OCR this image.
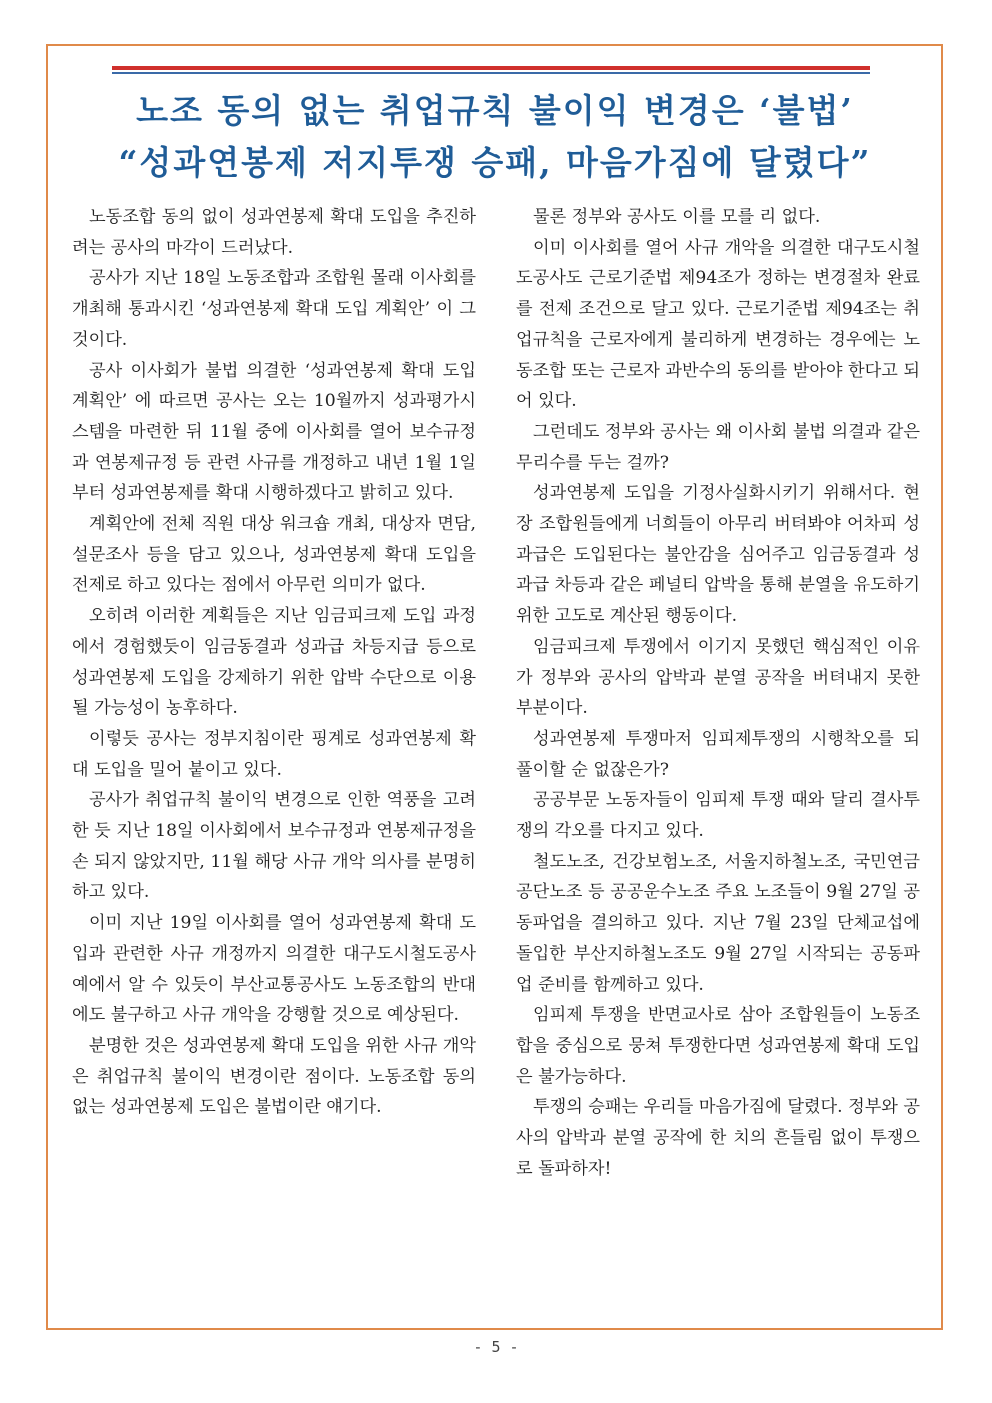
노조 동의 없는 취업규칙 불이익 변경은 ‘불법’
“성과연봉제 저지투쟁 승패, 마음가짐에 달렸다”

노동조합 동의 없이 성과연봉제 확대 도입을 추진하려는 공사의 마각이 드러났다.

공사가 지난 18일 노동조합과 조합원 몰래 이사회를 개최해 통과시킨 ‘성과연봉제 확대 도입 계획안’ 이 그것이다.

공사 이사회가 불법 의결한 ‘성과연봉제 확대 도입 계획안’ 에 따르면 공사는 오는 10월까지 성과평가시스템을 마련한 뒤 11월 중에 이사회를 열어 보수규정과 연봉제규정 등 관련 사규를 개정하고 내년 1월 1일부터 성과연봉제를 확대 시행하겠다고 밝히고 있다.

계획안에 전체 직원 대상 워크숍 개최, 대상자 면담, 설문조사 등을 담고 있으나, 성과연봉제 확대 도입을 전제로 하고 있다는 점에서 아무런 의미가 없다.

오히려 이러한 계획들은 지난 임금피크제 도입 과정에서 경험했듯이 임금동결과 성과급 차등지급 등으로 성과연봉제 도입을 강제하기 위한 압박 수단으로 이용될 가능성이 농후하다.

이렇듯 공사는 정부지침이란 핑계로 성과연봉제 확대 도입을 밀어 붙이고 있다.

공사가 취업규칙 불이익 변경으로 인한 역풍을 고려한 듯 지난 18일 이사회에서 보수규정과 연봉제규정을 손 되지 않았지만, 11월 해당 사규 개악 의사를 분명히 하고 있다.

이미 지난 19일 이사회를 열어 성과연봉제 확대 도입과 관련한 사규 개정까지 의결한 대구도시철도공사 예에서 알 수 있듯이 부산교통공사도 노동조합의 반대에도 불구하고 사규 개악을 강행할 것으로 예상된다.

분명한 것은 성과연봉제 확대 도입을 위한 사규 개악은 취업규칙 불이익 변경이란 점이다. 노동조합 동의 없는 성과연봉제 도입은 불법이란 얘기다.

물론 정부와 공사도 이를 모를 리 없다.

이미 이사회를 열어 사규 개악을 의결한 대구도시철도공사도 근로기준법 제94조가 정하는 변경절차 완료를 전제 조건으로 달고 있다. 근로기준법 제94조는 취업규칙을 근로자에게 불리하게 변경하는 경우에는 노동조합 또는 근로자 과반수의 동의를 받아야 한다고 되어 있다.

그런데도 정부와 공사는 왜 이사회 불법 의결과 같은 무리수를 두는 걸까?

성과연봉제 도입을 기정사실화시키기 위해서다. 현장 조합원들에게 너희들이 아무리 버텨봐야 어차피 성과급은 도입된다는 불안감을 심어주고 임금동결과 성과급 차등과 같은 페널티 압박을 통해 분열을 유도하기 위한 고도로 계산된 행동이다.

임금피크제 투쟁에서 이기지 못했던 핵심적인 이유가 정부와 공사의 압박과 분열 공작을 버텨내지 못한 부분이다.

성과연봉제 투쟁마저 임피제투쟁의 시행착오를 되풀이할 순 없잖은가?

공공부문 노동자들이 임피제 투쟁 때와 달리 결사투쟁의 각오를 다지고 있다.

철도노조, 건강보험노조, 서울지하철노조, 국민연금공단노조 등 공공운수노조 주요 노조들이 9월 27일 공동파업을 결의하고 있다. 지난 7월 23일 단체교섭에 돌입한 부산지하철노조도 9월 27일 시작되는 공동파업 준비를 함께하고 있다.

임피제 투쟁을 반면교사로 삼아 조합원들이 노동조합을 중심으로 뭉쳐 투쟁한다면 성과연봉제 확대 도입은 불가능하다.

투쟁의 승패는 우리들 마음가짐에 달렸다. 정부와 공사의 압박과 분열 공작에 한 치의 흔들림 없이 투쟁으로 돌파하자!

- 5 -
